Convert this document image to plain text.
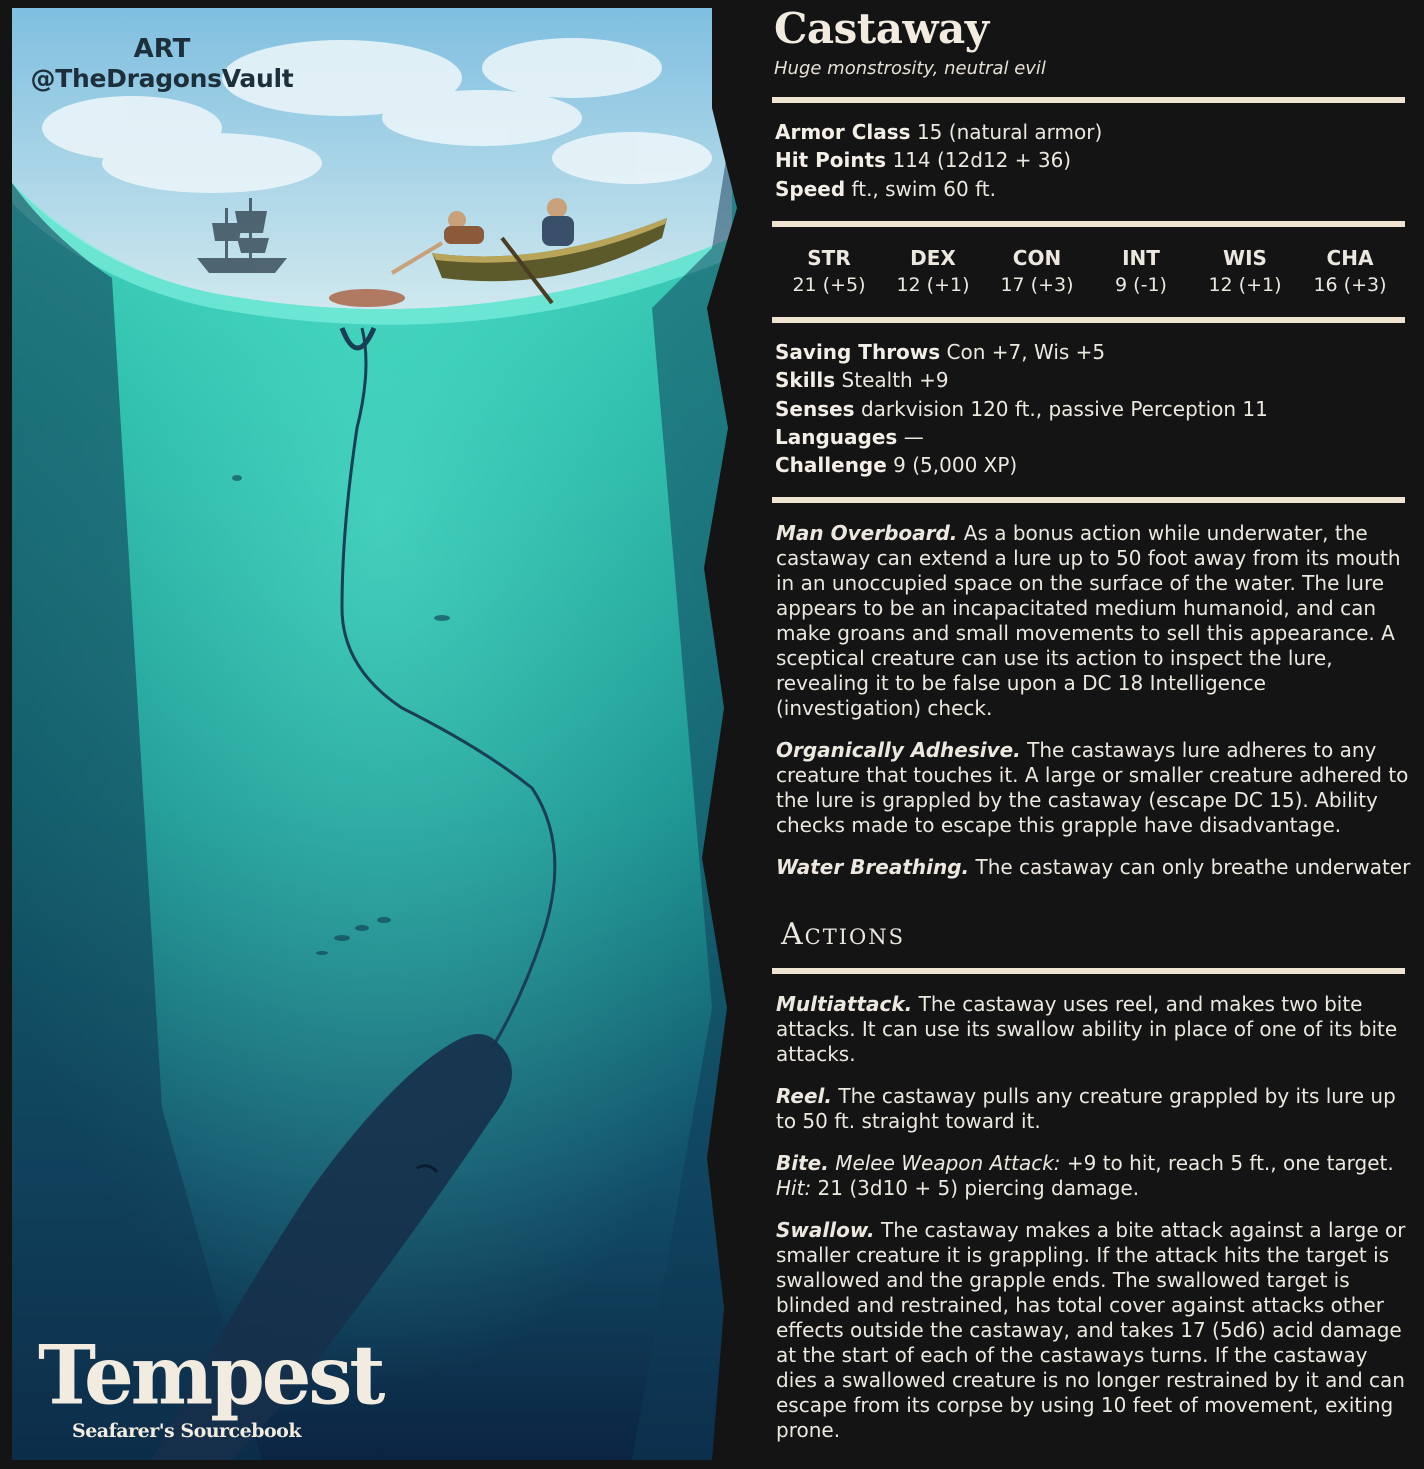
ART
@TheDragonsVault
Tempest
Seafarer's Sourcebook
Castaway
Huge monstrosity, neutral evil
Armor Class 15 (natural armor)
Hit Points 114 (12d12 + 36)
Speed ft., swim 60 ft.
STR
21 (+5)
DEX
12 (+1)
CON
17 (+3)
INT
9 (-1)
WIS
12 (+1)
CHA
16 (+3)
Saving Throws Con +7, Wis +5
Skills Stealth +9
Senses darkvision 120 ft., passive Perception 11
Languages —
Challenge 9 (5,000 XP)

Man Overboard. As a bonus action while underwater, the castaway can extend a lure up to 50 foot away from its mouth in an unoccupied space on the surface of the water. The lure appears to be an incapacitated medium humanoid, and can make groans and small movements to sell this appearance. A sceptical creature can use its action to inspect the lure, revealing it to be false upon a DC 18 Intelligence (investigation) check.

Organically Adhesive. The castaways lure adheres to any creature that touches it. A large or smaller creature adhered to the lure is grappled by the castaway (escape DC 15). Ability checks made to escape this grapple have disadvantage.

Water Breathing. The castaway can only breathe underwater

Actions

Multiattack. The castaway uses reel, and makes two bite attacks. It can use its swallow ability in place of one of its bite attacks.

Reel. The castaway pulls any creature grappled by its lure up to 50 ft. straight toward it.

Bite. Melee Weapon Attack: +9 to hit, reach 5 ft., one target.
Hit: 21 (3d10 + 5) piercing damage.

Swallow. The castaway makes a bite attack against a large or smaller creature it is grappling. If the attack hits the target is swallowed and the grapple ends. The swallowed target is blinded and restrained, has total cover against attacks other effects outside the castaway, and takes 17 (5d6) acid damage at the start of each of the castaways turns. If the castaway dies a swallowed creature is no longer restrained by it and can escape from its corpse by using 10 feet of movement, exiting prone.
